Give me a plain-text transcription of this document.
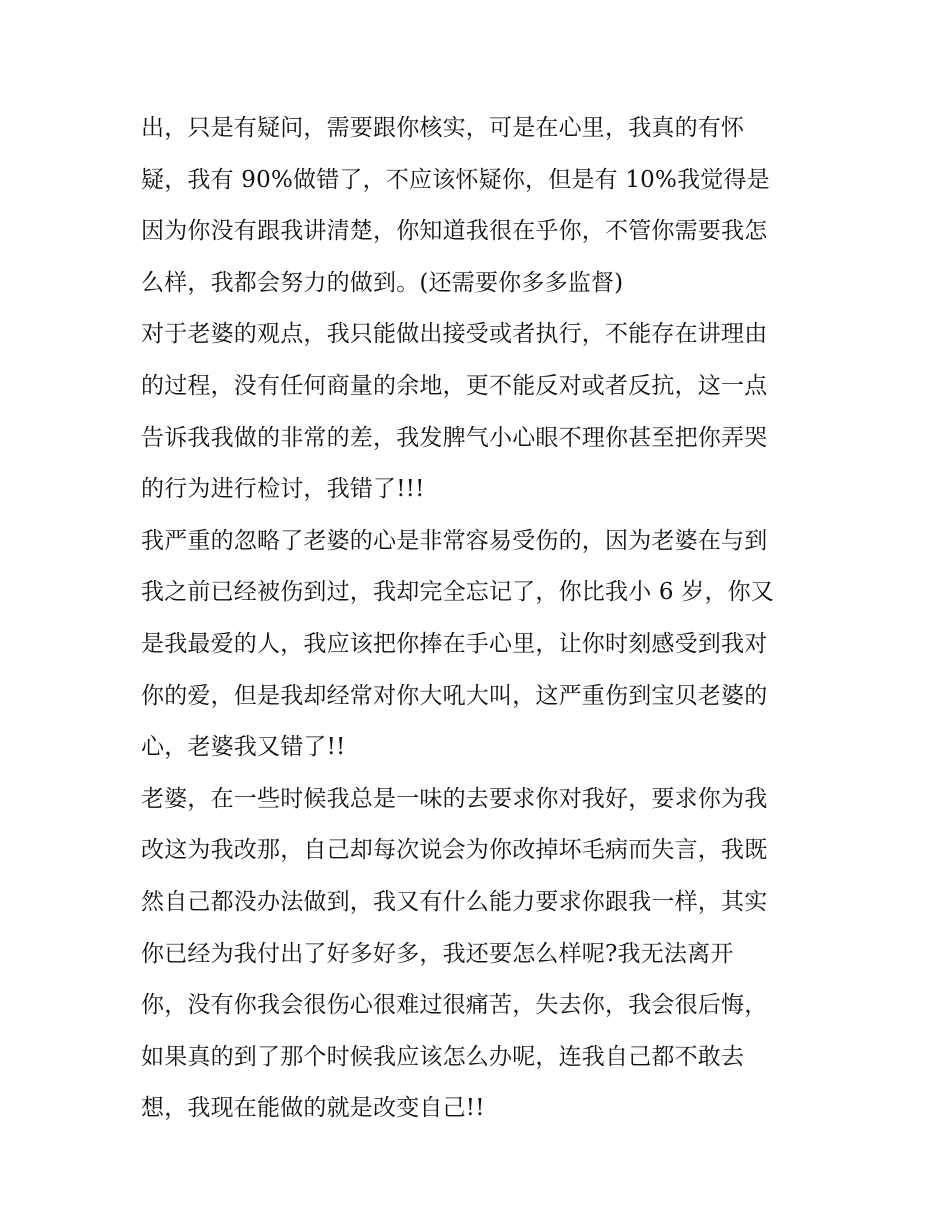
出，只是有疑问，需要跟你核实，可是在心里，我真的有怀
疑，我有 90%做错了，不应该怀疑你，但是有 10%我觉得是
因为你没有跟我讲清楚，你知道我很在乎你，不管你需要我怎
么样，我都会努力的做到。(还需要你多多监督)
对于老婆的观点，我只能做出接受或者执行，不能存在讲理由
的过程，没有任何商量的余地，更不能反对或者反抗，这一点
告诉我我做的非常的差，我发脾气小心眼不理你甚至把你弄哭
的行为进行检讨，我错了!!!
我严重的忽略了老婆的心是非常容易受伤的，因为老婆在与到
我之前已经被伤到过，我却完全忘记了，你比我小 6 岁，你又
是我最爱的人，我应该把你捧在手心里，让你时刻感受到我对
你的爱，但是我却经常对你大吼大叫，这严重伤到宝贝老婆的
心，老婆我又错了!!
老婆，在一些时候我总是一味的去要求你对我好，要求你为我
改这为我改那，自己却每次说会为你改掉坏毛病而失言，我既
然自己都没办法做到，我又有什么能力要求你跟我一样，其实
你已经为我付出了好多好多，我还要怎么样呢?我无法离开
你，没有你我会很伤心很难过很痛苦，失去你，我会很后悔，
如果真的到了那个时候我应该怎么办呢，连我自己都不敢去
想，我现在能做的就是改变自己!!
